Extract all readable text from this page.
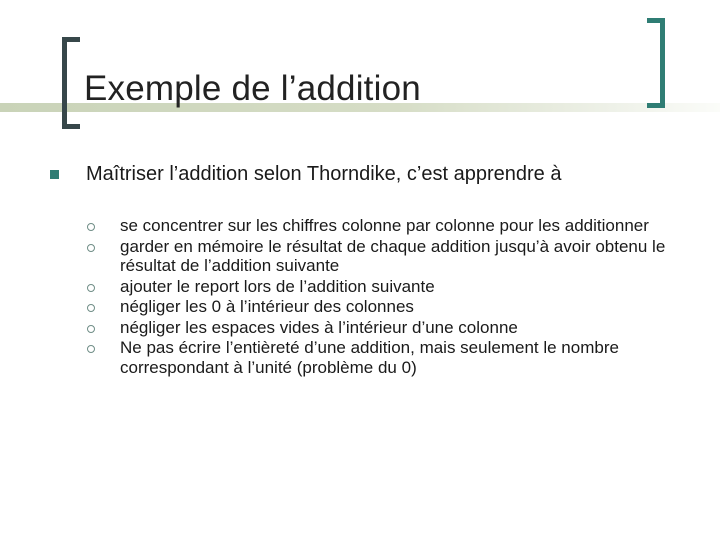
Exemple de l’addition
Maîtriser l’addition selon Thorndike, c’est apprendre à
se concentrer sur les chiffres colonne par colonne pour les additionner
garder en mémoire le résultat de chaque addition jusqu’à avoir obtenu le résultat de l’addition suivante
ajouter le report lors de l’addition suivante
négliger les 0 à l’intérieur des colonnes
négliger les espaces vides à l’intérieur d’une colonne
Ne pas écrire l’entièreté d’une addition, mais seulement le nombre correspondant à l’unité (problème du 0)
